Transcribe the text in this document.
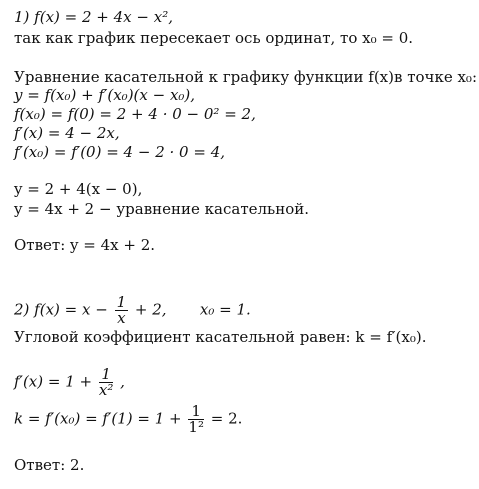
1) f(x) = 2 + 4x − x²,
так как график пересекает ось ординат, то x₀ = 0.
Уравнение касательной к графику функции f(x)в точке x₀:
y = f(x₀) + f′(x₀)(x − x₀),
f(x₀) = f(0) = 2 + 4 · 0 − 0² = 2,
f′(x) = 4 − 2x,
f′(x₀) = f′(0) = 4 − 2 · 0 = 4,
y = 2 + 4(x − 0),
y = 4x + 2 − уравнение касательной.
Ответ: y = 4x + 2.
2) $f(x) = x - \frac{1}{x} + 2$,       x₀ = 1.
Угловой коэффициент касательной равен: k = f′(x₀).
$f'(x) = 1 + \frac{1}{\text{x²}}$ ,
$k = f'(x_0) = f'(1) = 1 + \frac{1}{\text{1²}} = 2$.
Ответ: 2.
